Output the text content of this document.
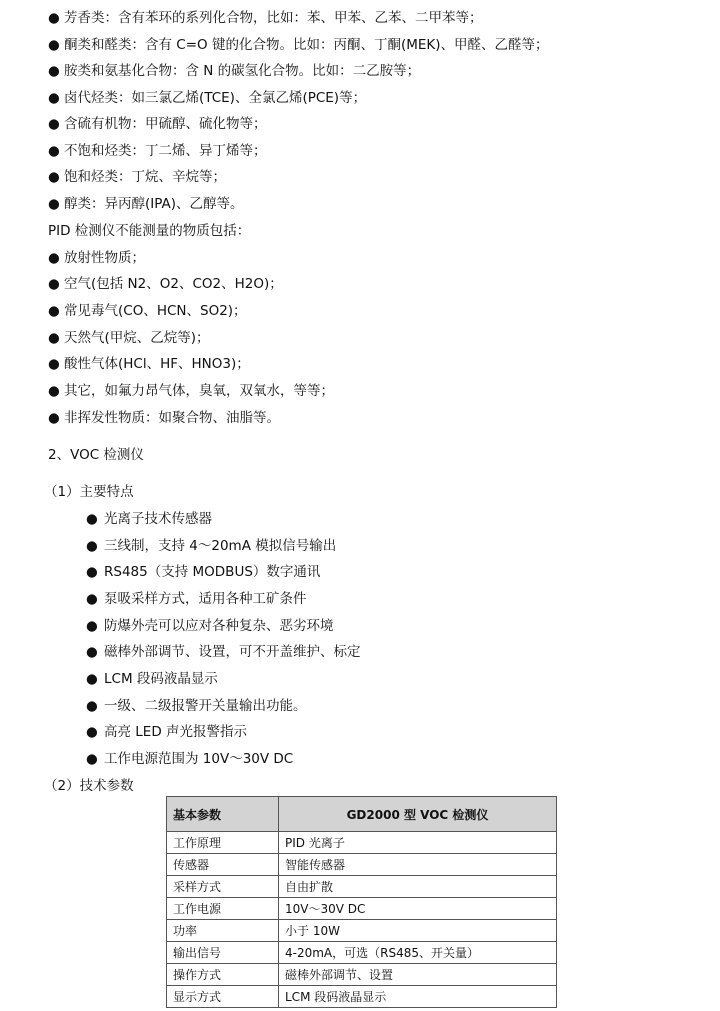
● 芳香类：含有苯环的系列化合物，比如：苯、甲苯、乙苯、二甲苯等；
● 酮类和醛类：含有 C=O 键的化合物。比如：丙酮、丁酮(MEK)、甲醛、乙醛等；
● 胺类和氨基化合物：含 N 的碳氢化合物。比如：二乙胺等；
● 卤代烃类：如三氯乙烯(TCE)、全氯乙烯(PCE)等；
● 含硫有机物：甲硫醇、硫化物等；
● 不饱和烃类：丁二烯、异丁烯等；
● 饱和烃类：丁烷、辛烷等；
● 醇类：异丙醇(IPA)、乙醇等。
PID 检测仪不能测量的物质包括：
● 放射性物质；
● 空气(包括 N2、O2、CO2、H2O)；
● 常见毒气(CO、HCN、SO2)；
● 天然气(甲烷、乙烷等)；
● 酸性气体(HCl、HF、HNO3)；
● 其它，如氟力昂气体，臭氧，双氧水，等等；
● 非挥发性物质：如聚合物、油脂等。
2、VOC 检测仪
（1）主要特点
● 光离子技术传感器
● 三线制，支持 4～20mA 模拟信号输出
● RS485（支持 MODBUS）数字通讯
● 泵吸采样方式，适用各种工矿条件
● 防爆外壳可以应对各种复杂、恶劣环境
● 磁棒外部调节、设置，可不开盖维护、标定
● LCM 段码液晶显示
● 一级、二级报警开关量输出功能。
● 高亮 LED 声光报警指示
● 工作电源范围为 10V～30V DC
（2）技术参数
基本参数	GD2000 型 VOC 检测仪
工作原理	PID 光离子
传感器	智能传感器
采样方式	自由扩散
工作电源	10V～30V DC
功率	小于 10W
输出信号	4-20mA，可选（RS485、开关量）
操作方式	磁棒外部调节、设置
显示方式	LCM 段码液晶显示
